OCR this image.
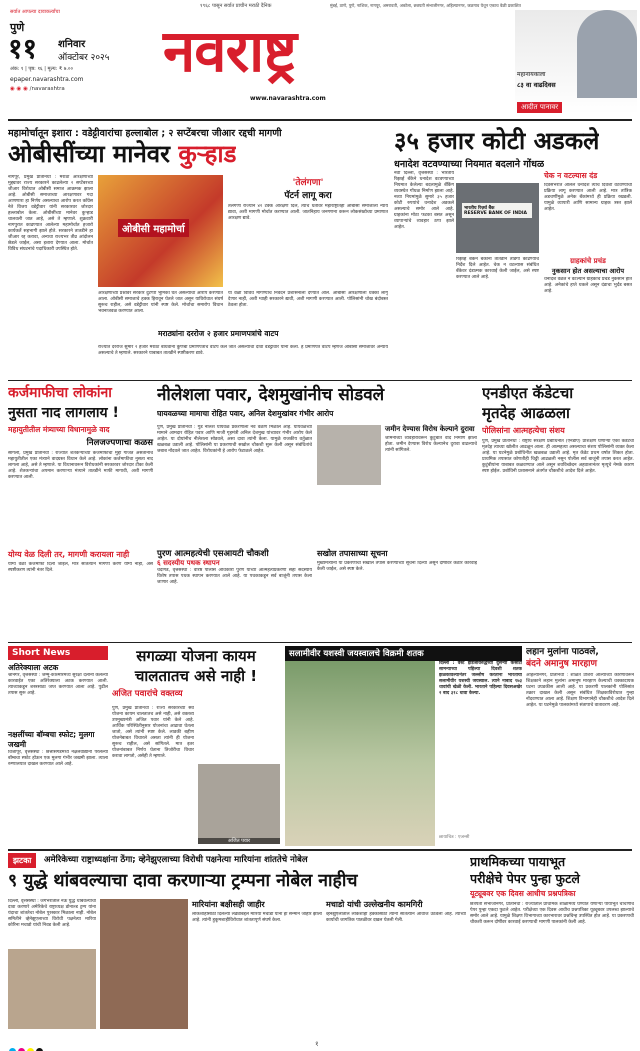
१९६८ पासून सर्वात प्राचीन मराठी दैनिक	मुंबई, ठाणे, पुणे, नाशिक, नागपूर, अमरावती, अकोला, छत्रपती संभाजीनगर, अहिल्यानगर, जळगाव येथून एकाच वेळी प्रकाशित
सर्वात आपल्या दावाकर्त्यांचा
पुणे
११ शनिवार
ऑक्टोबर २०२५
अंक: १ | पृष्ठ: १६ | मूल्य: ₹ ७.००
epaper.navarashtra.com
◉ ◉ ◉ /navarashtra
नवराष्ट्र
www.navarashtra.com
महानायकाला
८३ वा वाढदिवस
आदीत पानावर
महामोर्चातून इशारा : वडेट्टीवारांचा हल्लाबोल ; २ सप्टेंबरचा जीआर रद्दची मागणी
ओबीसींच्या मानेवर कुऱ्हाड
नागपूर, प्रमुख प्रतिनिधी : मराठा आरक्षणाच्या मुद्द्यावर राज्य सरकारने काढलेल्या २ सप्टेंबरच्या जीआर विरोधात ओबीसी समाज आक्रमक झाला आहे. ओबीसी समाजाच्या आरक्षणावर गदा आणणारा हा निर्णय असल्याचा आरोप करत काँग्रेस नेते विजय वडेट्टीवार यांनी सरकारवर जोरदार हल्लाबोल केला. ओबीसींच्या मानेवर कुऱ्हाड चालवली जात आहे, असे ते म्हणाले. शुक्रवारी नागपुरात काढण्यात आलेल्या महामोर्चात हजारो कार्यकर्ते सहभागी झाले होते. सरकारने तातडीने हा जीआर रद्द करावा, अन्यथा राज्यभर तीव्र आंदोलन छेडले जाईल, असा इशारा देण्यात आला. मोर्चात विविध संघटनांचे पदाधिकारी उपस्थित होते.
ओबीसी महामोर्चा
'तेलंगणा'
पॅटर्न लागू करा
तेलंगणा राज्याने ४२ टक्के आरक्षण दिले, त्याच धर्तीवर महाराष्ट्रातही ओबीसी समाजाला न्याय द्यावा, अशी मागणी मोर्चात करण्यात आली. जातनिहाय जनगणना करून लोकसंख्येच्या प्रमाणात आरक्षण द्यावे.
आरक्षणाच्या प्रश्नावर सरकार दुटप्पी भूमिका घेत असल्याचा आरोप करण्यात आला. ओबीसी समाजाचे हक्क हिरावून घेतले जात असून याविरोधात संघर्ष सुरूच राहील, असे वडेट्टीवार यांनी स्पष्ट केले. मोर्चाचा समारोप विधान भवनाजवळ करण्यात आला.
मराठ्यांना दररोज २ हजार प्रमाणपत्रांचे वाटप
या वेळी विविध मागण्यांचे निवेदन प्रशासनाला देण्यात आले. ओबीसी आरक्षणाला धक्का लागू देणार नाही, अशी ग्वाही सरकारने द्यावी, अशी मागणी करण्यात आली. पोलिसांनी चोख बंदोबस्त ठेवला होता.
राज्यात दररोज सुमारे २ हजार मराठा बांधवांना कुणबी प्रमाणपत्रांचे वाटप केले जात असल्याचा दावा वडेट्टीवार यांनी केला. हे प्रमाणपत्र वाटप म्हणजे ओबीसी समाजावर अन्याय असल्याचे ते म्हणाले. सरकारने याबाबत तातडीने स्पष्टीकरण द्यावे.
३५ हजार कोटी अडकले
धनादेश वटवण्याच्या नियमात बदलाने गोंधळ
चेक न वटल्यास दंड
नवी दिल्ली, वृत्तसंस्था : भारतीय रिझर्व्ह बँकेने धनादेश वटवण्याच्या नियमात केलेल्या बदलामुळे बँकिंग व्यवस्थेत गोंधळ निर्माण झाला आहे. नव्या नियमांमुळे सुमारे ३५ हजार कोटी रुपयांचे धनादेश अडकले असल्याचे समोर आले आहे. ग्राहकांना मोठा फटका बसत असून व्यापाऱ्यांचे व्यवहार ठप्प झाले आहेत.
भारतीय रिज़र्व बैंक
RESERVE BANK OF INDIA
दिवसभरात आलेले धनादेश त्याच दिवशी वटवण्याची प्रक्रिया लागू करण्यात आली आहे. मात्र तांत्रिक अडचणींमुळे अनेक बँकांमध्ये ही प्रक्रिया रखडली. यामुळे व्यापारी आणि सामान्य ग्राहक त्रस्त झाले आहेत.
रिझर्व्ह बँकेने बँकांना तातडीने तोडगा काढण्याचे निर्देश दिले आहेत. चेक न वटल्यास संबंधित बँकेवर दंडात्मक कारवाई केली जाईल, असे स्पष्ट करण्यात आले आहे.
ग्राहकांचे प्रचंड
नुकसान होत असल्याचा आरोप
धनादेश वेळेत न वटल्याने ग्राहकांचे प्रचंड नुकसान होत आहे. अनेकांचे हप्ते थकले असून दंडाचा भुर्दंड बसत आहे.
कर्जमाफीचा लोकांना
नुसता नाद लागलाय !
महायुतीतील मंत्र्याच्या विधानामुळे वाद
निलजज्पणाचा कळस
सांगली, प्रमुख प्रतिनिधी : राज्यात शेतकऱ्यांच्या कर्जमाफीचा मुद्दा गाजत असतानाच महायुतीतील एका मंत्र्याने वादग्रस्त विधान केले आहे. लोकांना कर्जमाफीचा नुसता नाद लागला आहे, असे ते म्हणाले. या विधानावरून विरोधकांनी सरकारवर जोरदार टीका केली आहे. शेतकऱ्यांचा अपमान करणाऱ्या मंत्र्याने तातडीने माफी मागावी, अशी मागणी करण्यात आली.
योग्य वेळ दिली तर, मागणी करायला नाही
योग्य वेळी कर्जमाफी दिली जाईल, मात्र सातत्याने मागणी करणे योग्य नाही, असे स्पष्टीकरण त्यांनी नंतर दिले.
नीलेशला पवार, देशमुखांनीच सोडवले
घायवळच्या मामाचा रोहित पवार, अनिल देशमुखांवर गंभीर आरोप
पुणे, प्रमुख प्रतिनिधी : गुंड नीलेश घायवळ प्रकरणाला नवे वळण मिळाले आहे. घायवळच्या मामाने आमदार रोहित पवार आणि माजी गृहमंत्री अनिल देशमुख यांच्यावर गंभीर आरोप केले आहेत. या दोघांनीच नीलेशला सोडवले, असा दावा त्यांनी केला. यामुळे राजकीय वर्तुळात खळबळ उडाली आहे. पोलिसांनी या प्रकरणाची सखोल चौकशी सुरू केली असून संबंधितांचे जबाब नोंदवले जात आहेत. विरोधकांनी हे आरोप फेटाळले आहेत.
जमीन देण्यास विरोध केल्याने दुरावा
जमिनीच्या व्यवहारावरून कुटुंबात वाद निर्माण झाला होता. जमीन देण्यास विरोध केल्यानेच दुरावा वाढल्याचे त्यांनी सांगितले.
पुरण आत्महत्येची एसआयटी चौकशी
६ सदस्यीय पथक स्थापन
चंदीगड, वृत्तसंस्था : वरिष्ठ पोलीस अधिकारी पुरण यांच्या आत्महत्येप्रकरणी सहा सदस्यीय विशेष तपास पथक स्थापन करण्यात आले आहे. या पथकाकडून सर्व बाजूंनी तपास केला जाणार आहे.
सखोल तपासाच्या सूचना
मुख्यमंत्र्यांनी या प्रकरणाचा सखोल तपास करण्याच्या सूचना दिल्या असून दोषींवर कठोर कारवाई केली जाईल, असे स्पष्ट केले.
एनडीएत कॅडेटचा
मृतदेह आढळला
पोलिसांना आत्महत्येचा संशय
पुणे, प्रमुख प्रतिनिधी : राष्ट्रीय संरक्षण प्रबोधिनीत (एनडीए) प्रशिक्षण घेणाऱ्या एका कॅडेटचा मृतदेह त्याच्या खोलीत आढळून आला. ही आत्महत्या असल्याचा संशय पोलिसांनी व्यक्त केला आहे. या घटनेमुळे प्रबोधिनीत खळबळ उडाली आहे. मृत कॅडेट प्रथम वर्षात शिकत होता. प्राथमिक तपासात कोणतीही चिठ्ठी आढळली नसून पोलीस सर्व बाजूंनी तपास करत आहेत. कुटुंबीयांना याबाबत कळवण्यात आले असून शवविच्छेदन अहवालानंतर मृत्यूचे नेमके कारण स्पष्ट होईल. प्रबोधिनी प्रशासनाने अंतर्गत चौकशीचे आदेश दिले आहेत.
Short News
अतिरेक्याला अटक
श्रीनगर, वृत्तसंस्था : जम्मू-काश्मीरमध्ये सुरक्षा दलांनी केलेल्या कारवाईत एका अतिरेक्याला अटक करण्यात आली. त्याच्याकडून शस्त्रसाठा जप्त करण्यात आला आहे. पुढील तपास सुरू आहे.
नक्षलींच्या बॉम्बचा स्फोट; मुलगा जखमी
विजापूर, वृत्तसंस्था : छत्तीसगडमध्ये नक्षलवाद्यांनी पेरलेल्या बॉम्बचा स्फोट होऊन एक मुलगा गंभीर जखमी झाला. त्याला रुग्णालयात दाखल करण्यात आले आहे.
सगळ्या योजना कायम
चालतातच असे नाही !
अजित पवारांचे वक्तव्य
पुणे, प्रमुख प्रतिनिधी : राज्य सरकारच्या सर्व योजना कायम चालतातच असे नाही, असे वक्तव्य उपमुख्यमंत्री अजित पवार यांनी केले आहे. आर्थिक परिस्थितीनुसार योजनांचा आढावा घेतला जातो, असे त्यांनी स्पष्ट केले. लाडकी बहीण योजनेबाबत विचारले असता त्यांनी ही योजना सुरूच राहील, असे सांगितले. मात्र इतर योजनांबाबत निर्णय घेताना तिजोरीचा विचार करावा लागतो, असेही ते म्हणाले.
अजित पवार
सलामीवीर यशस्वी जयस्वालचे विक्रमी शतक
दिल्ली : वेस्ट इंडिजविरुद्धच्या दुसऱ्या कसोटी सामन्याच्या पहिल्या दिवशी शतक झळकावल्यानंतर जल्लोष करताना भारताचा सलामीवीर यशस्वी जयस्वाल. त्याने नाबाद १७३ धावांची खेळी केली. भारताने पहिल्या दिवसअखेर २ बाद ३१८ धावा केल्या.
छायाचित्र : एजन्सी
लहान मुलांना पाठवले,
बंदने अमानुष मारहाण
अहिल्यानगर, प्रतिनिधी : शाळेत उशिरा आल्याच्या कारणावरून शिक्षकाने लहान मुलांना अमानुष मारहाण केल्याची धक्कादायक घटना उघडकीस आली आहे. या प्रकरणी पालकांनी पोलिसांत तक्रार दाखल केली असून संबंधित शिक्षकाविरोधात गुन्हा नोंदवण्यात आला आहे. शिक्षण विभागानेही चौकशीचे आदेश दिले आहेत. या घटनेमुळे पालकांमध्ये संतापाचे वातावरण आहे.
झटका	अमेरिकेच्या राष्ट्राध्यक्षांना ठेंगा; व्हेनेझुएलाच्या विरोधी पक्षनेत्या मारियांना शांततेचे नोबेल
९ युद्धे थांबवल्याचा दावा करणाऱ्या ट्रम्पना नोबेल नाहीच
दिल्ली, वृत्तसंस्था : जगभरातील नऊ युद्धे थांबवल्याचा दावा करणारे अमेरिकेचे राष्ट्राध्यक्ष डोनाल्ड ट्रम्प यांना यंदाचा शांततेचा नोबेल पुरस्कार मिळाला नाही. नोबेल समितीने व्हेनेझुएलाच्या विरोधी पक्षनेत्या मारिया कोरिना मचाडो यांची निवड केली आहे.
मारियांना बक्षीसही जाहीर
लोकशाहीसाठी दिलेल्या लढ्याबद्दल मारिया मचाडो यांना हा सन्मान जाहीर झाला आहे. त्यांनी हुकूमशाहीविरोधात शांततापूर्ण संघर्ष केला.
मचाडो यांची उल्लेखनीय कामगिरी
व्हेनेझुएलातील लोकशाही हक्कांसाठी त्यांनी सातत्याने आवाज उठवला आहे. त्यांच्या कार्याची जागतिक पातळीवर दखल घेतली गेली.
प्राथमिकच्या पायाभूत
परीक्षेचे पेपर पुन्हा फुटले
यूट्यूबवर एक दिवस आधीच प्रश्नपत्रिका
छत्रपती संभाजीनगर, प्रतिनिधी : राज्यातील प्राथमिक शाळांमध्ये घेण्यात येणाऱ्या पायाभूत चाचणीचे पेपर पुन्हा एकदा फुटले आहेत. परीक्षेच्या एक दिवस आधीच प्रश्नपत्रिका यूट्यूबवर उपलब्ध झाल्याचे समोर आले आहे. यामुळे शिक्षण विभागाच्या कारभारावर प्रश्नचिन्ह उपस्थित होत आहे. या प्रकरणाची चौकशी करून दोषींवर कारवाई करण्याची मागणी पालकांनी केली आहे.
१
